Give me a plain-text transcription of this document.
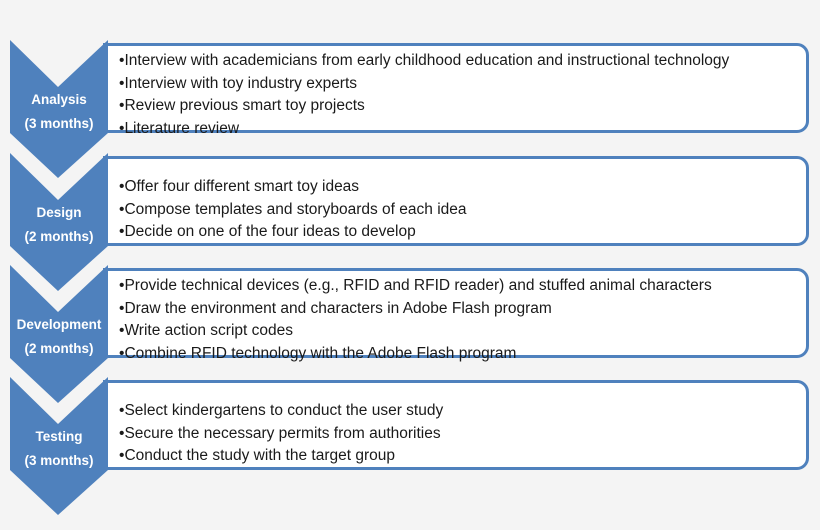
• Interview with academicians from early childhood education and instructional technology
• Interview with toy industry experts
• Review previous smart toy projects
• Literature review
Analysis
(3 months)
• Offer four different smart toy ideas
• Compose templates and storyboards of each idea
• Decide on one of the four ideas to develop
Design
(2 months)
• Provide technical devices (e.g., RFID and RFID reader) and stuffed animal characters
• Draw the environment and characters in Adobe Flash program
• Write action script codes
• Combine RFID technology with the Adobe Flash program
Development
(2 months)
• Select kindergartens to conduct the user study
• Secure the necessary permits from authorities
• Conduct the study with the target group
Testing
(3 months)
